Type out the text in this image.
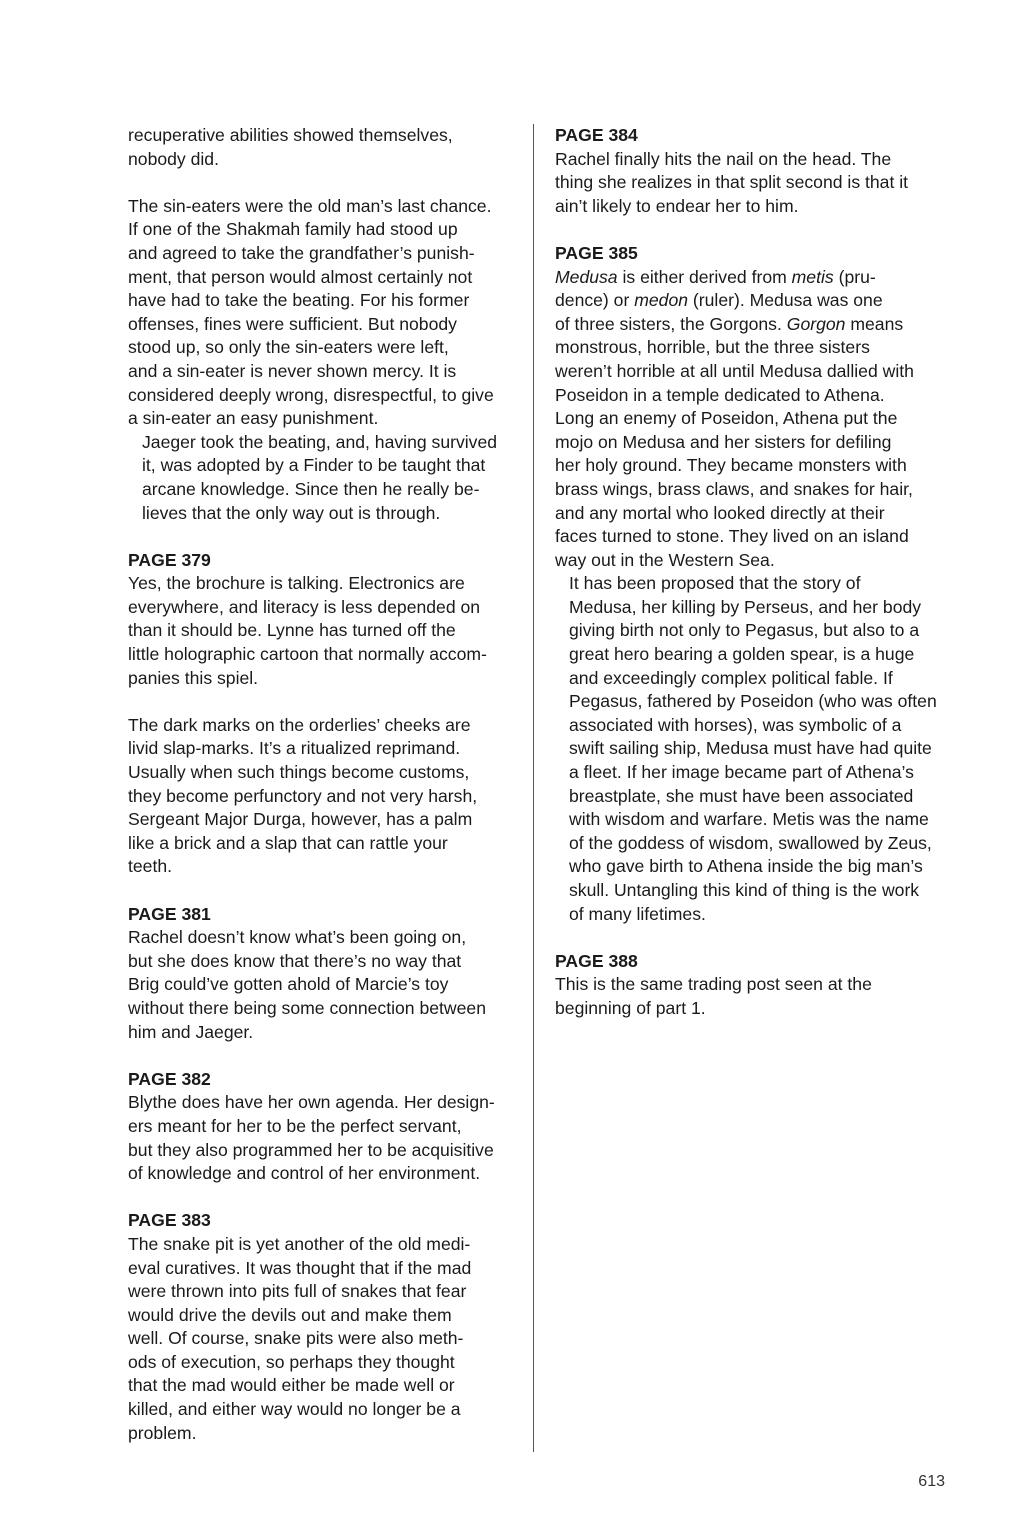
recuperative abilities showed themselves,
nobody did.

The sin-eaters were the old man’s last chance.
If one of the Shakmah family had stood up
and agreed to take the grandfather’s punish-
ment, that person would almost certainly not
have had to take the beating. For his former
offenses, fines were sufficient. But nobody
stood up, so only the sin-eaters were left,
and a sin-eater is never shown mercy. It is
considered deeply wrong, disrespectful, to give
a sin-eater an easy punishment.

Jaeger took the beating, and, having survived
it, was adopted by a Finder to be taught that
arcane knowledge. Since then he really be-
lieves that the only way out is through.

PAGE 379

Yes, the brochure is talking. Electronics are
everywhere, and literacy is less depended on
than it should be. Lynne has turned off the
little holographic cartoon that normally accom-
panies this spiel.

The dark marks on the orderlies’ cheeks are
livid slap-marks. It’s a ritualized reprimand.
Usually when such things become customs,
they become perfunctory and not very harsh,
Sergeant Major Durga, however, has a palm
like a brick and a slap that can rattle your
teeth.

PAGE 381

Rachel doesn’t know what’s been going on,
but she does know that there’s no way that
Brig could’ve gotten ahold of Marcie’s toy
without there being some connection between
him and Jaeger.

PAGE 382

Blythe does have her own agenda. Her design-
ers meant for her to be the perfect servant,
but they also programmed her to be acquisitive
of knowledge and control of her environment.

PAGE 383

The snake pit is yet another of the old medi-
eval curatives. It was thought that if the mad
were thrown into pits full of snakes that fear
would drive the devils out and make them
well. Of course, snake pits were also meth-
ods of execution, so perhaps they thought
that the mad would either be made well or
killed, and either way would no longer be a
problem.

PAGE 384

Rachel finally hits the nail on the head. The
thing she realizes in that split second is that it
ain’t likely to endear her to him.

PAGE 385

Medusa is either derived from metis (pru-
dence) or medon (ruler). Medusa was one
of three sisters, the Gorgons. Gorgon means
monstrous, horrible, but the three sisters
weren’t horrible at all until Medusa dallied with
Poseidon in a temple dedicated to Athena.
Long an enemy of Poseidon, Athena put the
mojo on Medusa and her sisters for defiling
her holy ground. They became monsters with
brass wings, brass claws, and snakes for hair,
and any mortal who looked directly at their
faces turned to stone. They lived on an island
way out in the Western Sea.

It has been proposed that the story of
Medusa, her killing by Perseus, and her body
giving birth not only to Pegasus, but also to a
great hero bearing a golden spear, is a huge
and exceedingly complex political fable. If
Pegasus, fathered by Poseidon (who was often
associated with horses), was symbolic of a
swift sailing ship, Medusa must have had quite
a fleet. If her image became part of Athena’s
breastplate, she must have been associated
with wisdom and warfare. Metis was the name
of the goddess of wisdom, swallowed by Zeus,
who gave birth to Athena inside the big man’s
skull. Untangling this kind of thing is the work
of many lifetimes.

PAGE 388

This is the same trading post seen at the
beginning of part 1.

613
